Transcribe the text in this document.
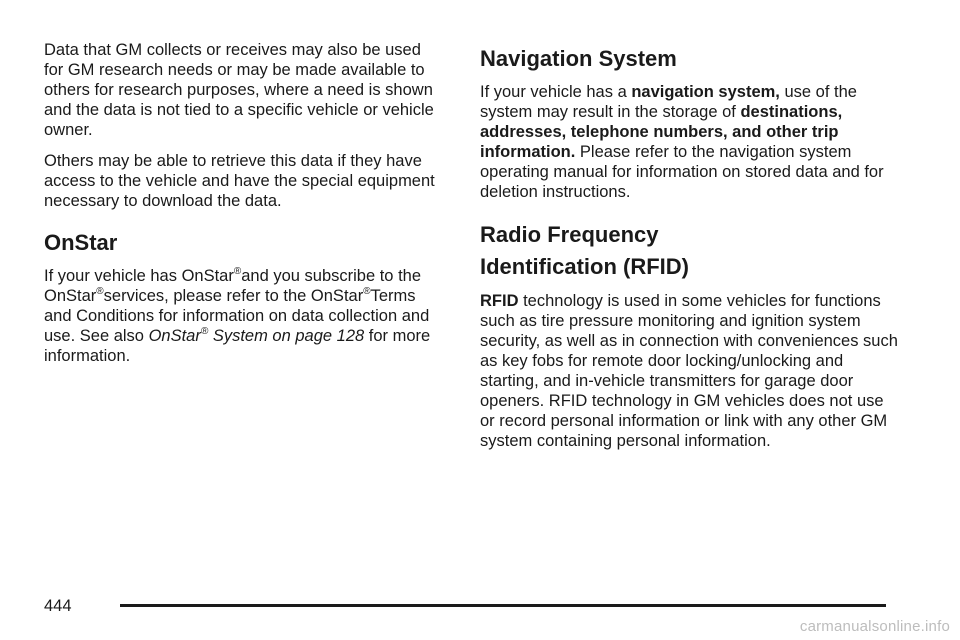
Data that GM collects or receives may also be used for GM research needs or may be made available to others for research purposes, where a need is shown and the data is not tied to a specific vehicle or vehicle owner.

Others may be able to retrieve this data if they have access to the vehicle and have the special equipment necessary to download the data.

OnStar

If your vehicle has OnStar®and you subscribe to the OnStar®services, please refer to the OnStar®Terms and Conditions for information on data collection and use. See also OnStar® System on page 128 for more information.

Navigation System

If your vehicle has a navigation system, use of the system may result in the storage of destinations, addresses, telephone numbers, and other trip information. Please refer to the navigation system operating manual for information on stored data and for deletion instructions.

Radio Frequency
Identification (RFID)

RFID technology is used in some vehicles for functions such as tire pressure monitoring and ignition system security, as well as in connection with conveniences such as key fobs for remote door locking/unlocking and starting, and in-vehicle transmitters for garage door openers. RFID technology in GM vehicles does not use or record personal information or link with any other GM system containing personal information.

444
carmanualsonline.info
